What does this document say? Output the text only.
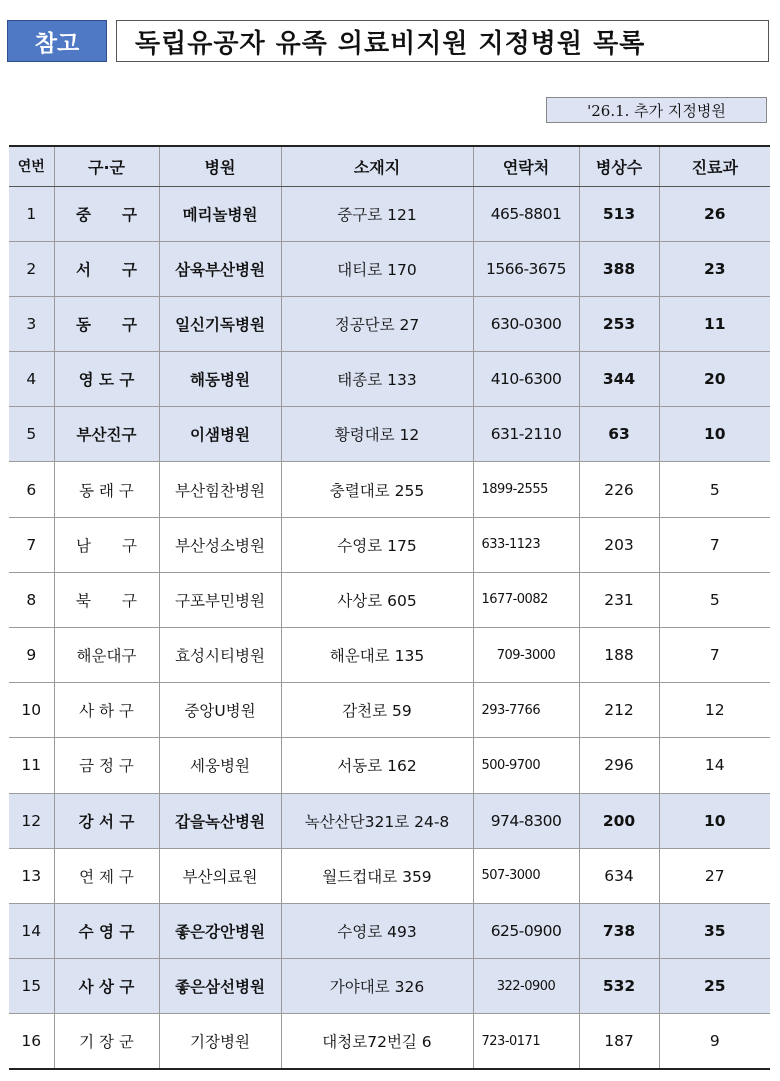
참고	독립유공자 유족 의료비지원 지정병원 목록
'26.1. 추가 지정병원
연번	구·군	병원	소재지	연락처	병상수	진료과
1	중　　구	메리놀병원	중구로 121	465-8801	513	26
2	서　　구	삼육부산병원	대티로 170	1566-3675	388	23
3	동　　구	일신기독병원	정공단로 27	630-0300	253	11
4	영 도 구	해동병원	태종로 133	410-6300	344	20
5	부산진구	이샘병원	황령대로 12	631-2110	63	10
6	동 래 구	부산힘찬병원	충렬대로 255	1899-2555	226	5
7	남　　구	부산성소병원	수영로 175	633-1123	203	7
8	북　　구	구포부민병원	사상로 605	1677-0082	231	5
9	해운대구	효성시티병원	해운대로 135	709-3000	188	7
10	사 하 구	중앙U병원	감천로 59	293-7766	212	12
11	금 정 구	세웅병원	서동로 162	500-9700	296	14
12	강 서 구	갑을녹산병원	녹산산단321로 24-8	974-8300	200	10
13	연 제 구	부산의료원	월드컵대로 359	507-3000	634	27
14	수 영 구	좋은강안병원	수영로 493	625-0900	738	35
15	사 상 구	좋은삼선병원	가야대로 326	322-0900	532	25
16	기 장 군	기장병원	대청로72번길 6	723-0171	187	9
